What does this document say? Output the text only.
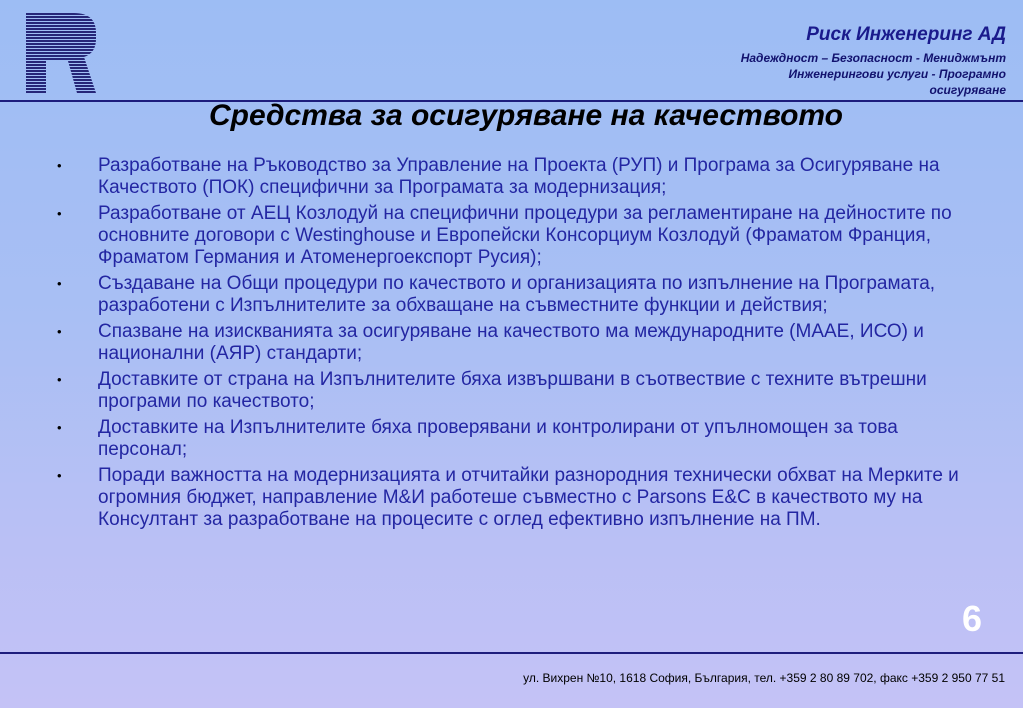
Риск Инженеринг АД
Надеждност – Безопасност - Мениджмънт
Инженерингови услуги - Програмно
осигуряване
Средства за осигуряване на качеството
• Разработване на Ръководство за Управление на Проекта (РУП) и Програма за Осигуряване на Качеството (ПОК) специфични за Програмата за модернизация;
• Разработване от АЕЦ Козлодуй на специфични процедури за регламентиране на дейностите по основните договори с Westinghouse и Европейски Консорциум Козлодуй (Фраматом Франция, Фраматом Германия и Атоменергоекспорт Русия);
• Създаване на Общи процедури по качеството и организацията по изпълнение на Програмата, разработени с Изпълнителите за обхващане на съвместните функции и действия;
• Спазване на изискванията за осигуряване на качеството ма международните (МААЕ, ИСО) и национални (АЯР) стандарти;
• Доставките от страна на Изпълнителите бяха извършвани в съотвествие с техните вътрешни програми по качеството;
• Доставките на Изпълнителите бяха проверявани и контролирани от упълномощен за това персонал;
• Поради важността на модернизацията и отчитайки разнородния технически обхват на Мерките и огромния бюджет, направление М&И работеше съвместно с Parsons E&C в качеството му на Консултант за разработване на процесите с оглед ефективно изпълнение на ПМ.
6
ул. Вихрен №10, 1618 София, България, тел. +359 2 80 89 702, факс +359 2 950 77 51
